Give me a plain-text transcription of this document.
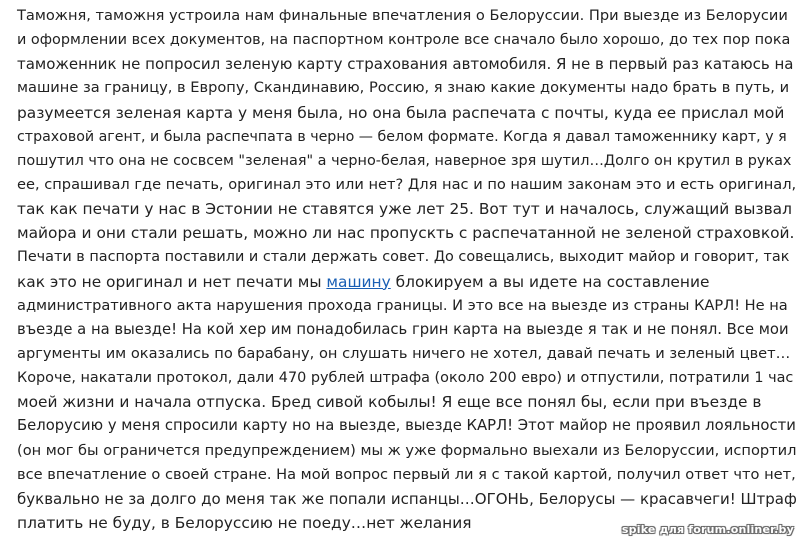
Таможня, таможня устроила нам финальные впечатления о Белоруссии. При выезде из Белорусии
и оформлении всех документов, на паспортном контроле все сначало было хорошо, до тех пор пока
таможенник не попросил зеленую карту страхования автомобиля. Я не в первый раз катаюсь на
машине за границу, в Европу, Скандинавию, Россию, я знаю какие документы надо брать в путь, и
разумеется зеленая карта у меня была, но она была распечата с почты, куда ее прислал мой
страховой агент, и была распечпата в черно — белом формате. Когда я давал таможеннику карт, у я
пошутил что она не сосвсем "зеленая" а черно-белая, наверное зря шутил…Долго он крутил в руках
ее, спрашивал где печать, оригинал это или нет? Для нас и по нашим законам это и есть оригинал,
так как печати у нас в Эстонии не ставятся уже лет 25. Вот тут и началось, служащий вызвал
майора и они стали решать, можно ли нас пропускть с распечатанной не зеленой страховкой.
Печати в паспорта поставили и стали держать совет. До совещались, выходит майор и говорит, так
как это не оригинал и нет печати мы машину блокируем а вы идете на составление
административного акта нарушения прохода границы. И это все на выезде из страны КАРЛ! Не на
въезде а на выезде! На кой хер им понадобилась грин карта на выезде я так и не понял. Все мои
аргументы им оказались по барабану, он слушать ничего не хотел, давай печать и зеленый цвет…
Короче, накатали протокол, дали 470 рублей штрафа (около 200 евро) и отпустили, потратили 1 час
моей жизни и начала отпуска. Бред сивой кобылы! Я еще все понял бы, если при въезде в
Белорусию у меня спросили карту но на выезде, выезде КАРЛ! Этот майор не проявил лояльности
(он мог бы ограничется предупреждением) мы ж уже формально выехали из Белоруссии, испортил
все впечатление о своей стране. На мой вопрос первый ли я с такой картой, получил ответ что нет,
буквально не за долго до меня так же попали испанцы…ОГОНЬ, Белорусы — красавчеги! Штраф
платить не буду, в Белоруссию не поеду…нет желания	spike для forum.onliner.by
